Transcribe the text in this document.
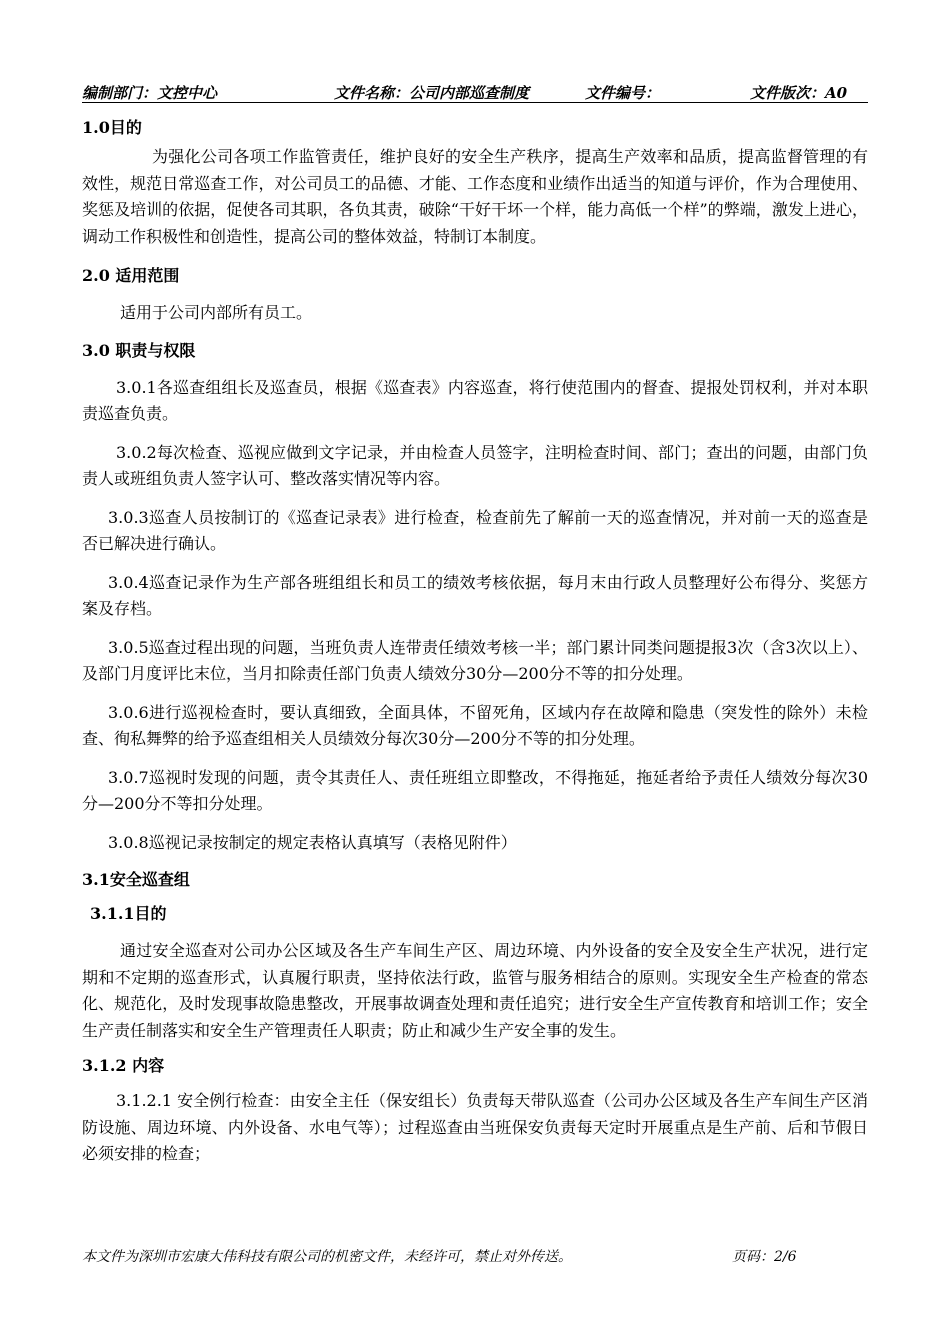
编制部门：文控中心	文件名称：公司内部巡查制度	文件编号：	文件版次：A0

1.0目的

为强化公司各项工作监管责任，维护良好的安全生产秩序，提高生产效率和品质，提高监督管理的有效性，规范日常巡查工作，对公司员工的品德、才能、工作态度和业绩作出适当的知道与评价，作为合理使用、奖惩及培训的依据，促使各司其职，各负其责，破除“干好干坏一个样，能力高低一个样”的弊端，激发上进心，调动工作积极性和创造性，提高公司的整体效益，特制订本制度。

2.0 适用范围

适用于公司内部所有员工。

3.0 职责与权限

3.0.1各巡查组组长及巡查员，根据《巡查表》内容巡查，将行使范围内的督查、提报处罚权利，并对本职责巡查负责。

3.0.2每次检查、巡视应做到文字记录，并由检查人员签字，注明检查时间、部门；查出的问题，由部门负责人或班组负责人签字认可、整改落实情况等内容。

3.0.3巡查人员按制订的《巡查记录表》进行检查，检查前先了解前一天的巡查情况，并对前一天的巡查是否已解决进行确认。

3.0.4巡查记录作为生产部各班组组长和员工的绩效考核依据，每月末由行政人员整理好公布得分、奖惩方案及存档。

3.0.5巡查过程出现的问题，当班负责人连带责任绩效考核一半；部门累计同类问题提报3次（含3次以上）、及部门月度评比末位，当月扣除责任部门负责人绩效分30分—200分不等的扣分处理。

3.0.6进行巡视检查时，要认真细致，全面具体，不留死角，区域内存在故障和隐患（突发性的除外）未检查、徇私舞弊的给予巡查组相关人员绩效分每次30分—200分不等的扣分处理。

3.0.7巡视时发现的问题，责令其责任人、责任班组立即整改，不得拖延，拖延者给予责任人绩效分每次30分—200分不等扣分处理。

3.0.8巡视记录按制定的规定表格认真填写（表格见附件）

3.1安全巡查组

3.1.1目的

通过安全巡查对公司办公区域及各生产车间生产区、周边环境、内外设备的安全及安全生产状况，进行定期和不定期的巡查形式，认真履行职责，坚持依法行政，监管与服务相结合的原则。实现安全生产检查的常态化、规范化，及时发现事故隐患整改，开展事故调查处理和责任追究；进行安全生产宣传教育和培训工作；安全生产责任制落实和安全生产管理责任人职责；防止和减少生产安全事的发生。

3.1.2 内容

3.1.2.1 安全例行检查：由安全主任（保安组长）负责每天带队巡查（公司办公区域及各生产车间生产区消防设施、周边环境、内外设备、水电气等）；过程巡查由当班保安负责每天定时开展重点是生产前、后和节假日必须安排的检查；

本文件为深圳市宏康大伟科技有限公司的机密文件，未经许可，禁止对外传送。	页码：2/6
